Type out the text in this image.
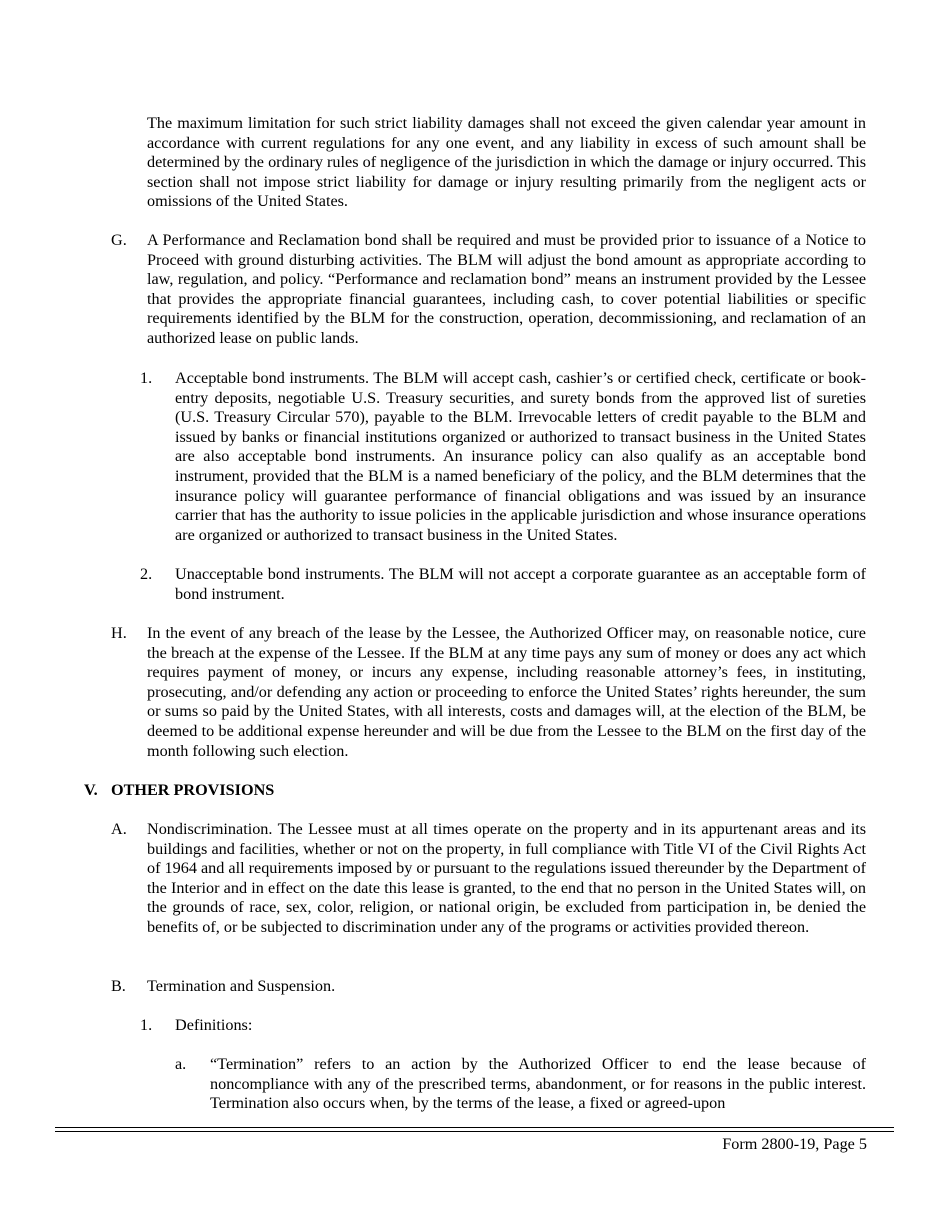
The maximum limitation for such strict liability damages shall not exceed the given calendar year amount in accordance with current regulations for any one event, and any liability in excess of such amount shall be determined by the ordinary rules of negligence of the jurisdiction in which the damage or injury occurred. This section shall not impose strict liability for damage or injury resulting primarily from the negligent acts or omissions of the United States.

G. A Performance and Reclamation bond shall be required and must be provided prior to issuance of a Notice to Proceed with ground disturbing activities. The BLM will adjust the bond amount as appropriate according to law, regulation, and policy. “Performance and reclamation bond” means an instrument provided by the Lessee that provides the appropriate financial guarantees, including cash, to cover potential liabilities or specific requirements identified by the BLM for the construction, operation, decommissioning, and reclamation of an authorized lease on public lands.

1. Acceptable bond instruments. The BLM will accept cash, cashier’s or certified check, certificate or book-entry deposits, negotiable U.S. Treasury securities, and surety bonds from the approved list of sureties (U.S. Treasury Circular 570), payable to the BLM. Irrevocable letters of credit payable to the BLM and issued by banks or financial institutions organized or authorized to transact business in the United States are also acceptable bond instruments. An insurance policy can also qualify as an acceptable bond instrument, provided that the BLM is a named beneficiary of the policy, and the BLM determines that the insurance policy will guarantee performance of financial obligations and was issued by an insurance carrier that has the authority to issue policies in the applicable jurisdiction and whose insurance operations are organized or authorized to transact business in the United States.

2. Unacceptable bond instruments. The BLM will not accept a corporate guarantee as an acceptable form of bond instrument.

H. In the event of any breach of the lease by the Lessee, the Authorized Officer may, on reasonable notice, cure the breach at the expense of the Lessee. If the BLM at any time pays any sum of money or does any act which requires payment of money, or incurs any expense, including reasonable attorney’s fees, in instituting, prosecuting, and/or defending any action or proceeding to enforce the United States’ rights hereunder, the sum or sums so paid by the United States, with all interests, costs and damages will, at the election of the BLM, be deemed to be additional expense hereunder and will be due from the Lessee to the BLM on the first day of the month following such election.

V. OTHER PROVISIONS
A. Nondiscrimination. The Lessee must at all times operate on the property and in its appurtenant areas and its buildings and facilities, whether or not on the property, in full compliance with Title VI of the Civil Rights Act of 1964 and all requirements imposed by or pursuant to the regulations issued thereunder by the Department of the Interior and in effect on the date this lease is granted, to the end that no person in the United States will, on the grounds of race, sex, color, religion, or national origin, be excluded from participation in, be denied the benefits of, or be subjected to discrimination under any of the programs or activities provided thereon.

B. Termination and Suspension.

1. Definitions:

a. “Termination” refers to an action by the Authorized Officer to end the lease because of noncompliance with any of the prescribed terms, abandonment, or for reasons in the public interest. Termination also occurs when, by the terms of the lease, a fixed or agreed-upon

Form 2800-19, Page 5
